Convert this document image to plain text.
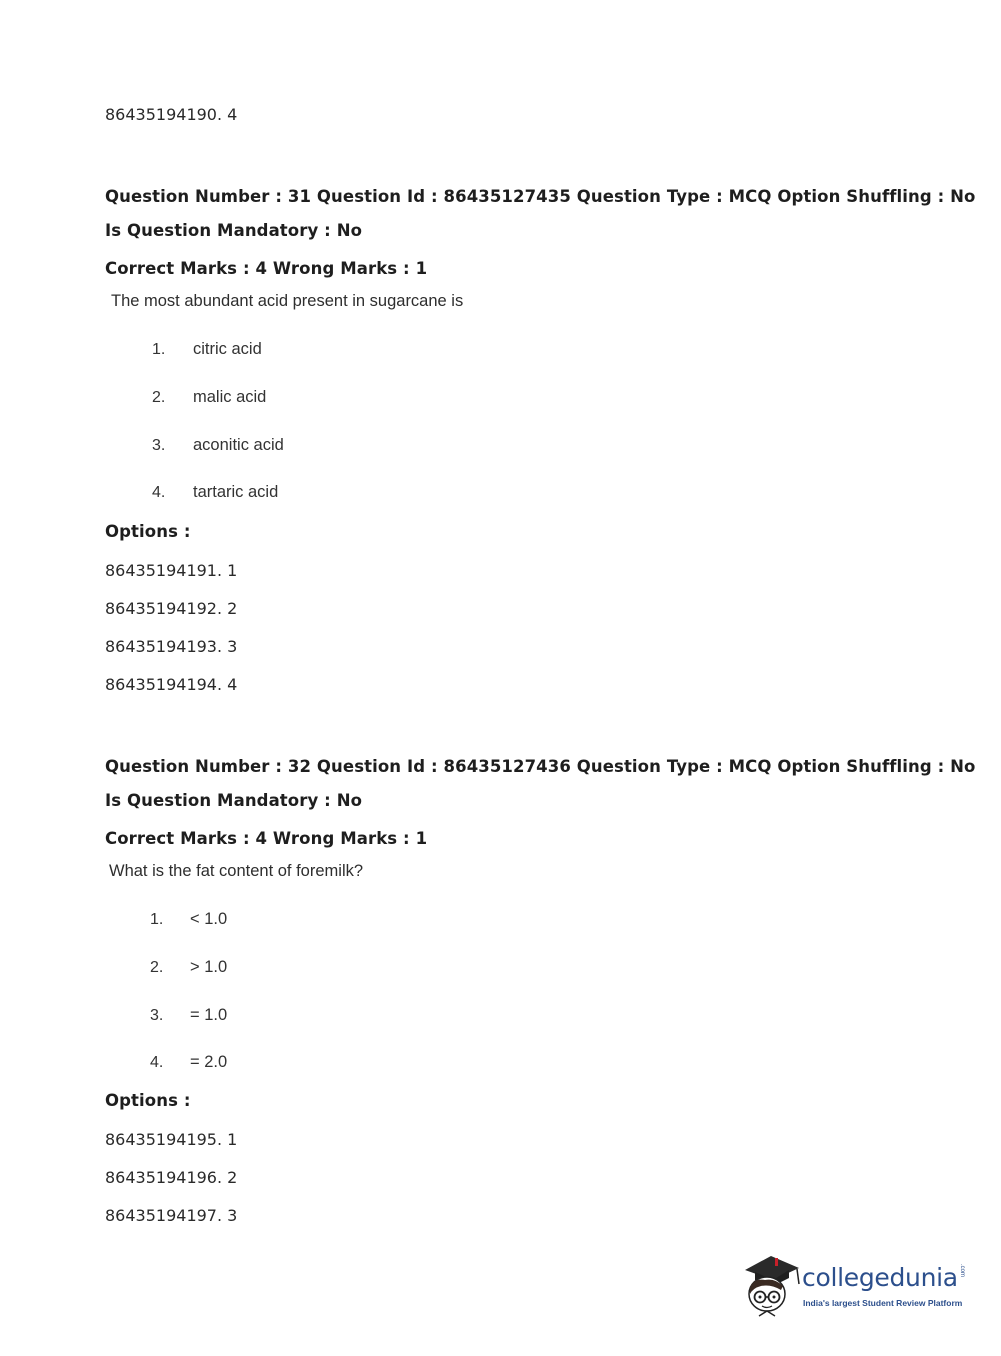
86435194190. 4
Question Number : 31 Question Id : 86435127435 Question Type : MCQ Option Shuffling : No
Is Question Mandatory : No
Correct Marks : 4 Wrong Marks : 1
The most abundant acid present in sugarcane is
1. citric acid
2. malic acid
3. aconitic acid
4. tartaric acid
Options :
86435194191. 1
86435194192. 2
86435194193. 3
86435194194. 4
Question Number : 32 Question Id : 86435127436 Question Type : MCQ Option Shuffling : No
Is Question Mandatory : No
Correct Marks : 4 Wrong Marks : 1
What is the fat content of foremilk?
1. < 1.0
2. > 1.0
3. = 1.0
4. = 2.0
Options :
86435194195. 1
86435194196. 2
86435194197. 3
collegedunia .com
India's largest Student Review Platform
